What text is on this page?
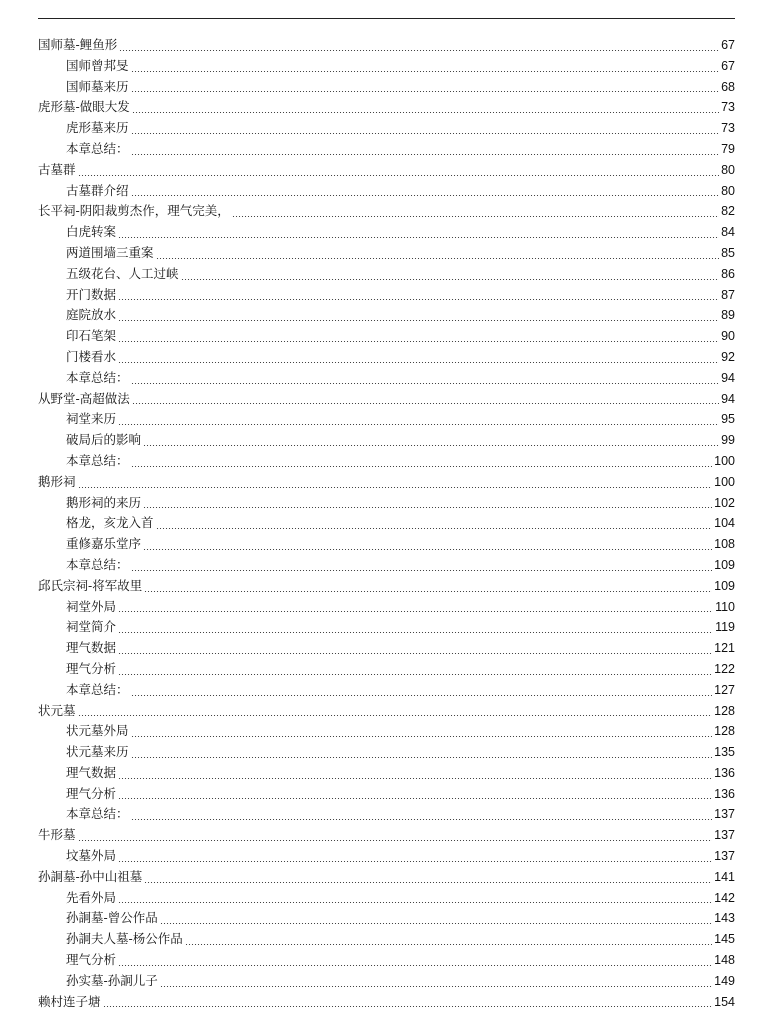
国师墓-鲤鱼形	67
国师曾邦旻	67
国师墓来历	68
虎形墓-做眼大发	73
虎形墓来历	73
本章总结：	79
古墓群	80
古墓群介绍	80
长平祠-阴阳裁剪杰作，理气完美，	82
白虎转案	84
两道围墙三重案	85
五级花台、人工过峡	86
开门数据	87
庭院放水	89
印石笔架	90
门楼看水	92
本章总结：	94
从野堂-高超做法	94
祠堂来历	95
破局后的影响	99
本章总结：	100
鹅形祠	100
鹅形祠的来历	102
格龙，亥龙入首	104
重修嘉乐堂序	108
本章总结：	109
邱氏宗祠-将军故里	109
祠堂外局	110
祠堂简介	119
理气数据	121
理气分析	122
本章总结：	127
状元墓	128
状元墓外局	128
状元墓来历	135
理气数据	136
理气分析	136
本章总结：	137
牛形墓	137
坟墓外局	137
孙詗墓-孙中山祖墓	141
先看外局	142
孙詗墓-曾公作品	143
孙詗夫人墓-杨公作品	145
理气分析	148
孙实墓-孙詗儿子	149
赖村连子塘	154
